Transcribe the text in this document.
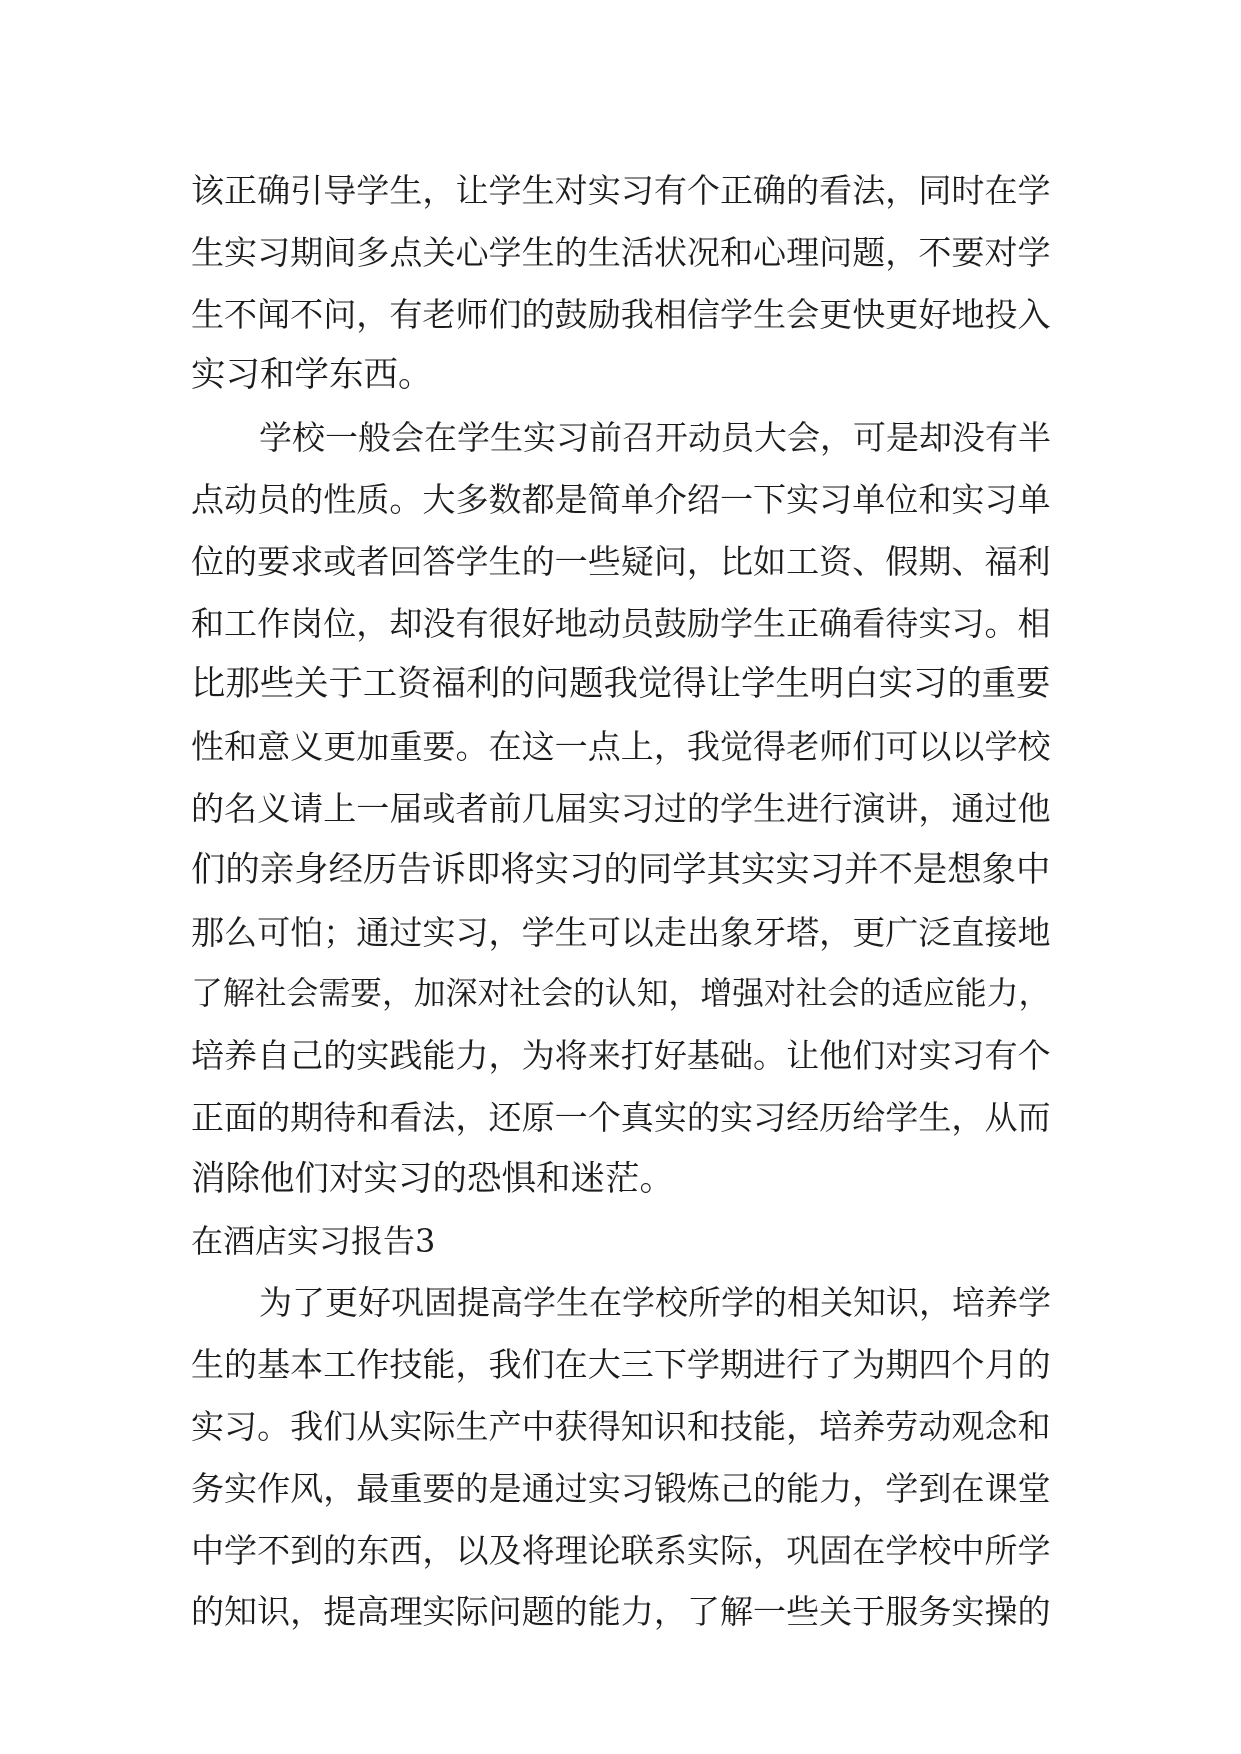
该正确引导学生，让学生对实习有个正确的看法，同时在学
生实习期间多点关心学生的生活状况和心理问题，不要对学
生不闻不问，有老师们的鼓励我相信学生会更快更好地投入
实习和学东西。
学校一般会在学生实习前召开动员大会，可是却没有半
点动员的性质。大多数都是简单介绍一下实习单位和实习单
位的要求或者回答学生的一些疑问，比如工资、假期、福利
和工作岗位，却没有很好地动员鼓励学生正确看待实习。相
比那些关于工资福利的问题我觉得让学生明白实习的重要
性和意义更加重要。在这一点上，我觉得老师们可以以学校
的名义请上一届或者前几届实习过的学生进行演讲，通过他
们的亲身经历告诉即将实习的同学其实实习并不是想象中
那么可怕；通过实习，学生可以走出象牙塔，更广泛直接地
了解社会需要，加深对社会的认知，增强对社会的适应能力，
培养自己的实践能力，为将来打好基础。让他们对实习有个
正面的期待和看法，还原一个真实的实习经历给学生，从而
消除他们对实习的恐惧和迷茫。
在酒店实习报告3
为了更好巩固提高学生在学校所学的相关知识，培养学
生的基本工作技能，我们在大三下学期进行了为期四个月的
实习。我们从实际生产中获得知识和技能，培养劳动观念和
务实作风，最重要的是通过实习锻炼己的能力，学到在课堂
中学不到的东西，以及将理论联系实际，巩固在学校中所学
的知识，提高理实际问题的能力，了解一些关于服务实操的
